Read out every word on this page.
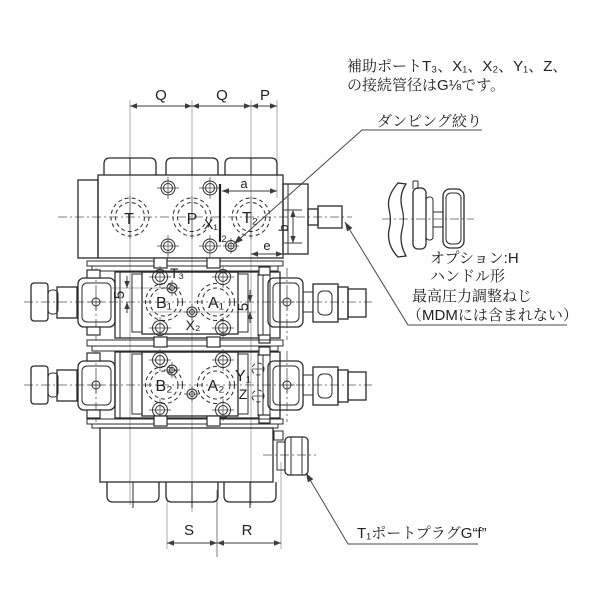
補助ポートT₃、X₁、X₂、Y₁、Z、
の接続管径はG⅛です。
ダンピング絞り
オプション:H
ハンドル形
最高圧力調整ねじ
（MDMには含まれない）
T₁ポートプラグG“f”
Q	Q P
a
b
e
5
5
S	R
2
T	P	T₂
X₁
T₃
B₁ A₁
X₂
B₂ A₂
Y₁
Z
